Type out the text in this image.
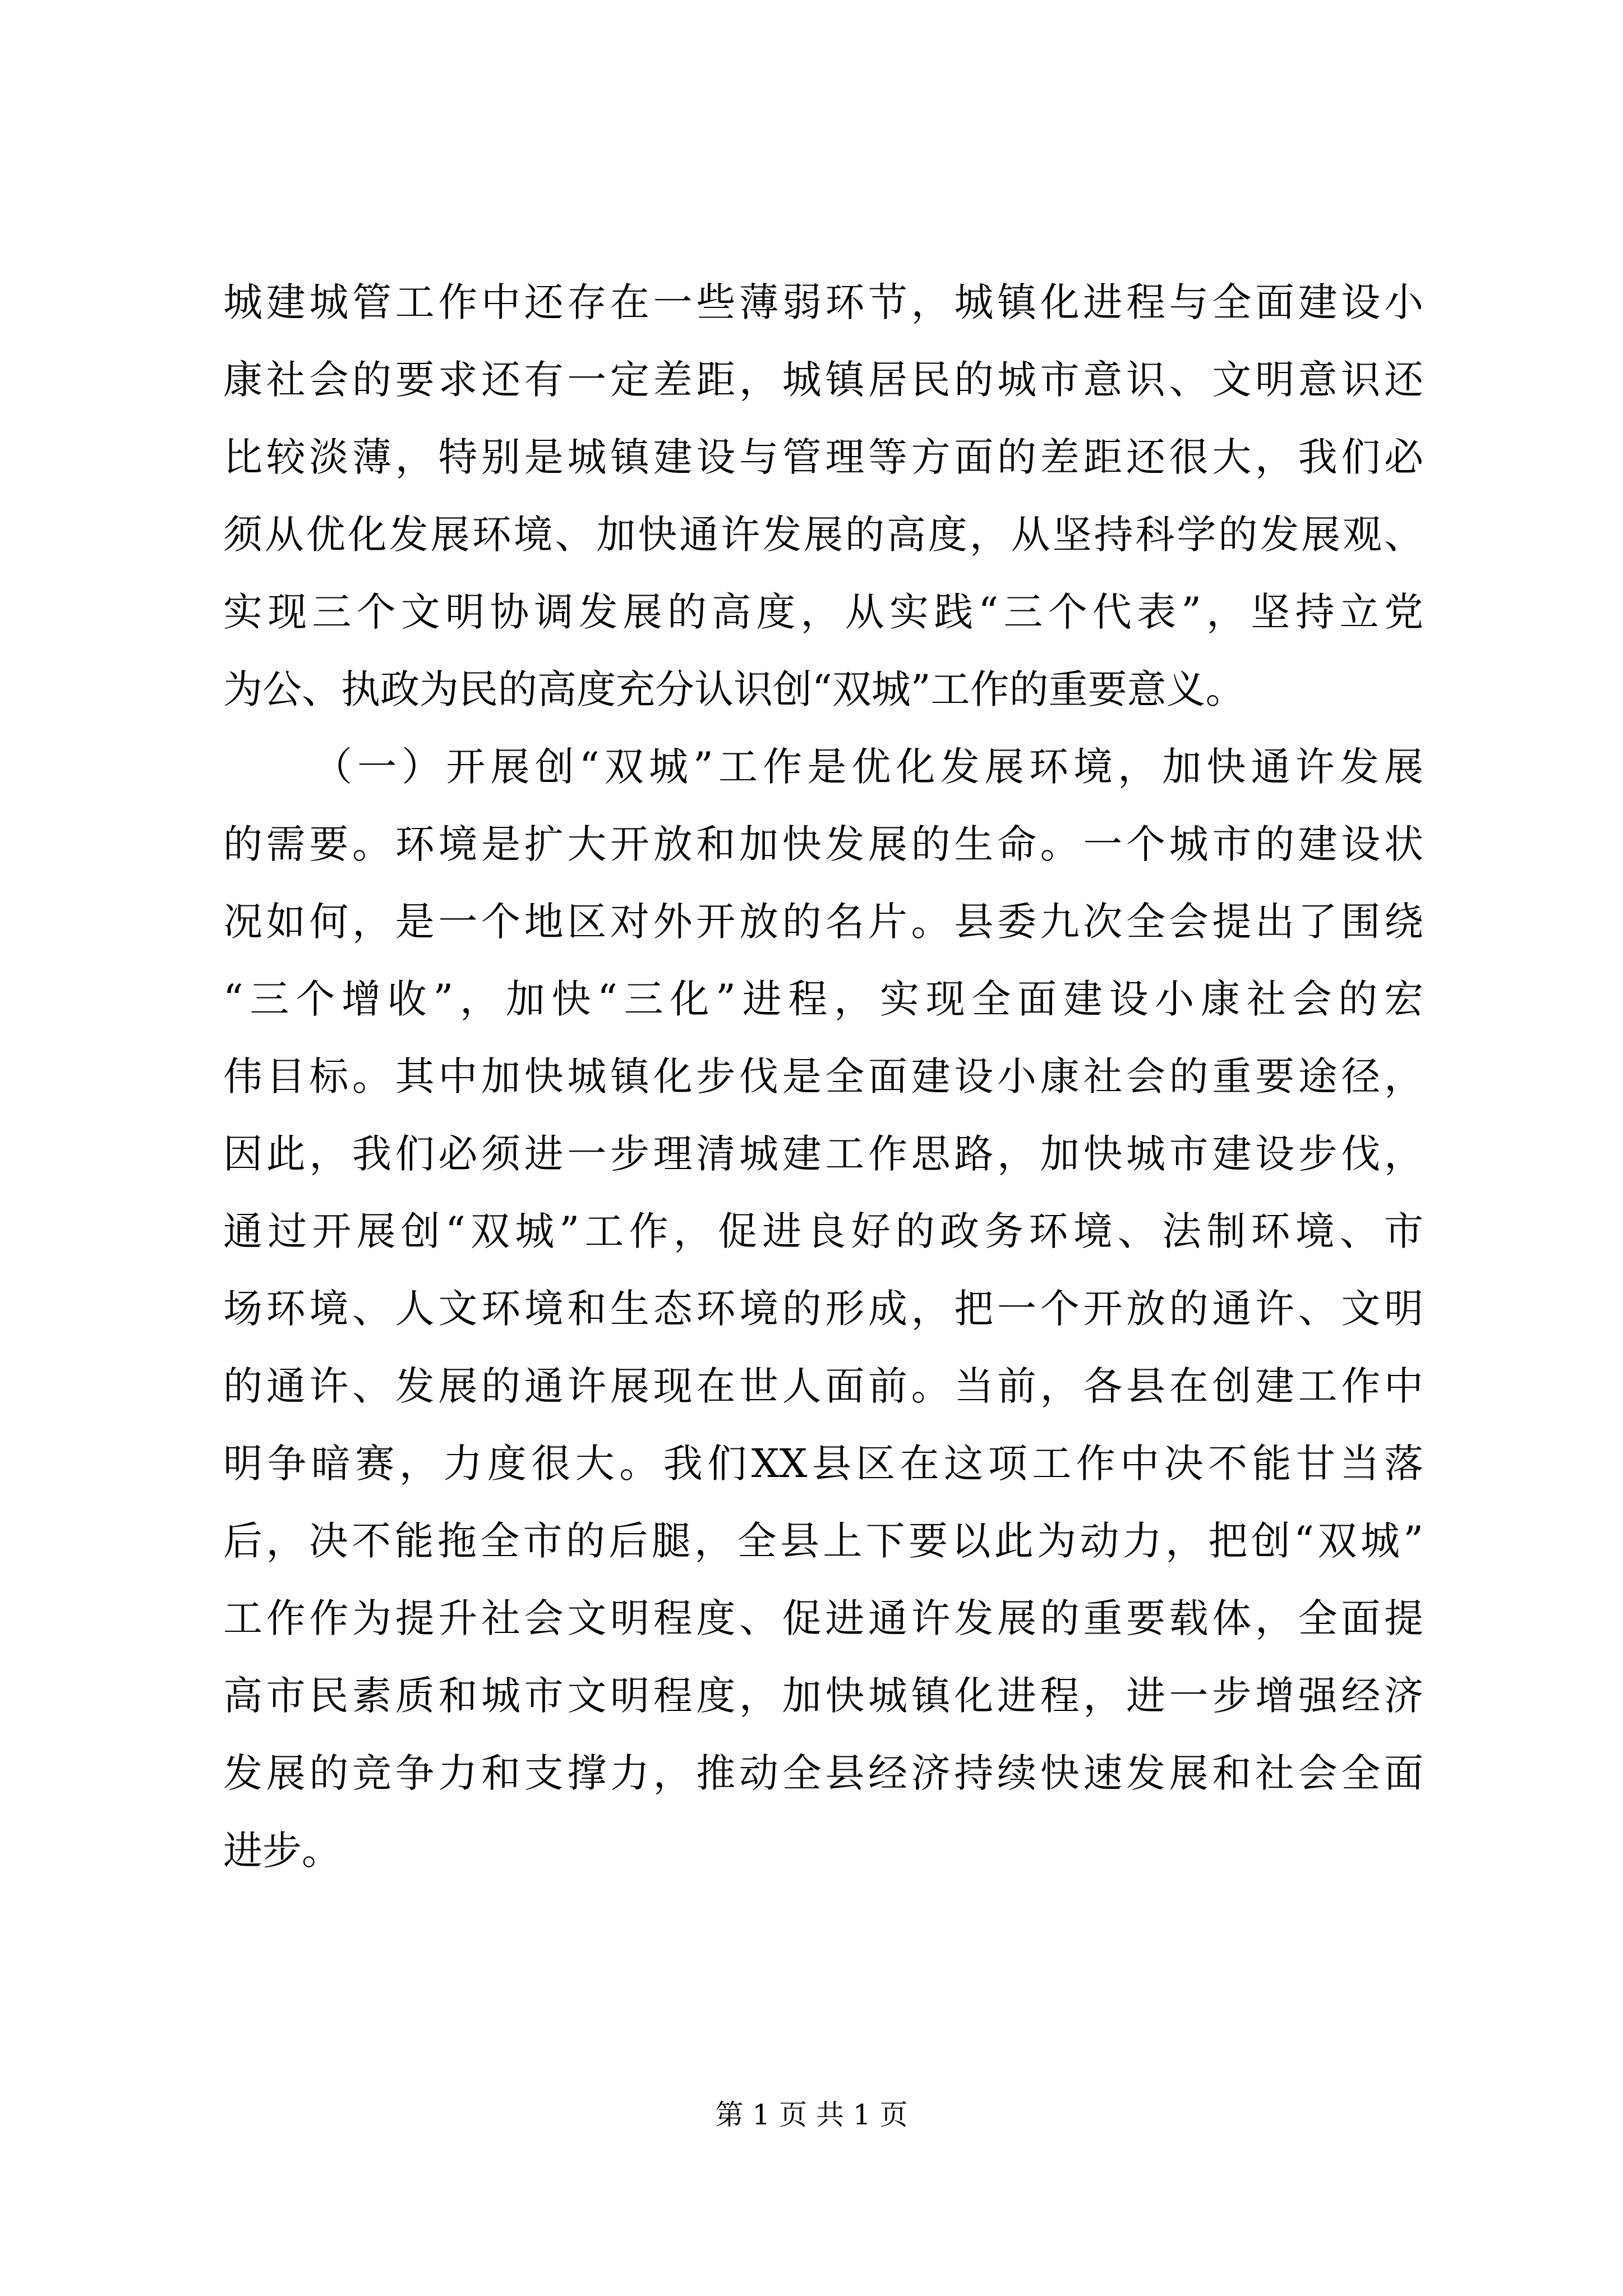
城建城管工作中还存在一些薄弱环节，城镇化进程与全面建设小
康社会的要求还有一定差距，城镇居民的城市意识、文明意识还
比较淡薄，特别是城镇建设与管理等方面的差距还很大，我们必
须从优化发展环境、加快通许发展的高度，从坚持科学的发展观、
实现三个文明协调发展的高度，从实践“三个代表”，坚持立党
为公、执政为民的高度充分认识创“双城”工作的重要意义。
（一）开展创“双城”工作是优化发展环境，加快通许发展
的需要。环境是扩大开放和加快发展的生命。一个城市的建设状
况如何，是一个地区对外开放的名片。县委九次全会提出了围绕
“三个增收”，加快“三化”进程，实现全面建设小康社会的宏
伟目标。其中加快城镇化步伐是全面建设小康社会的重要途径，
因此，我们必须进一步理清城建工作思路，加快城市建设步伐，
通过开展创“双城”工作，促进良好的政务环境、法制环境、市
场环境、人文环境和生态环境的形成，把一个开放的通许、文明
的通许、发展的通许展现在世人面前。当前，各县在创建工作中
明争暗赛，力度很大。我们XX县区在这项工作中决不能甘当落
后，决不能拖全市的后腿，全县上下要以此为动力，把创“双城”
工作作为提升社会文明程度、促进通许发展的重要载体，全面提
高市民素质和城市文明程度，加快城镇化进程，进一步增强经济
发展的竞争力和支撑力，推动全县经济持续快速发展和社会全面
进步。
第 1 页 共 1 页
